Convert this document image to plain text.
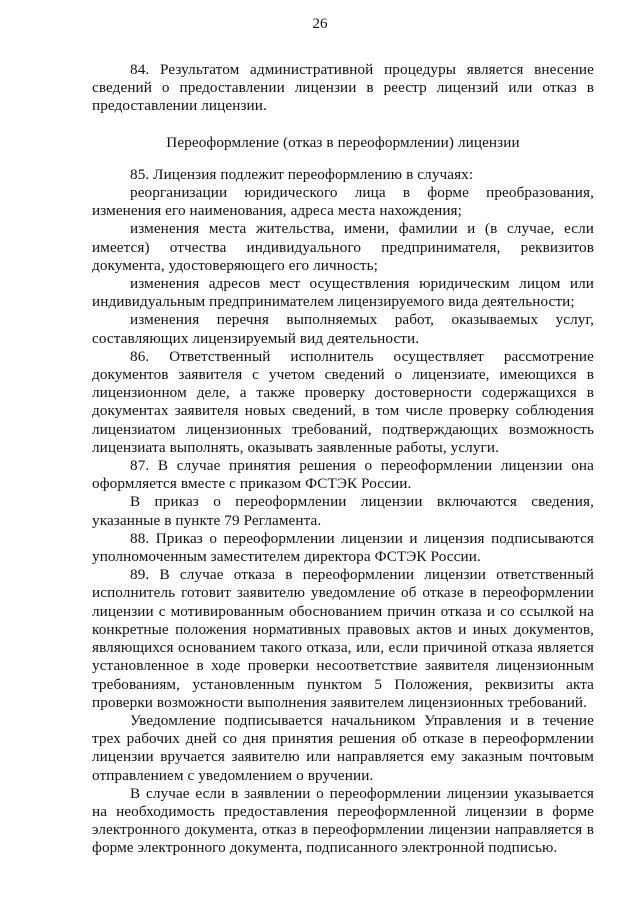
26

84. Результатом административной процедуры является внесение сведений о предоставлении лицензии в реестр лицензий или отказ в предоставлении лицензии.

Переоформление (отказ в переоформлении) лицензии

85. Лицензия подлежит переоформлению в случаях:

реорганизации юридического лица в форме преобразования, изменения его наименования, адреса места нахождения;

изменения места жительства, имени, фамилии и (в случае, если имеется) отчества индивидуального предпринимателя, реквизитов документа, удостоверяющего его личность;

изменения адресов мест осуществления юридическим лицом или индивидуальным предпринимателем лицензируемого вида деятельности;

изменения перечня выполняемых работ, оказываемых услуг, составляющих лицензируемый вид деятельности.

86. Ответственный исполнитель осуществляет рассмотрение документов заявителя с учетом сведений о лицензиате, имеющихся в лицензионном деле, а также проверку достоверности содержащихся в документах заявителя новых сведений, в том числе проверку соблюдения лицензиатом лицензионных требований, подтверждающих возможность лицензиата выполнять, оказывать заявленные работы, услуги.

87. В случае принятия решения о переоформлении лицензии она оформляется вместе с приказом ФСТЭК России.

В приказ о переоформлении лицензии включаются сведения, указанные в пункте 79 Регламента.

88. Приказ о переоформлении лицензии и лицензия подписываются уполномоченным заместителем директора ФСТЭК России.

89. В случае отказа в переоформлении лицензии ответственный исполнитель готовит заявителю уведомление об отказе в переоформлении лицензии с мотивированным обоснованием причин отказа и со ссылкой на конкретные положения нормативных правовых актов и иных документов, являющихся основанием такого отказа, или, если причиной отказа является установленное в ходе проверки несоответствие заявителя лицензионным требованиям, установленным пунктом 5 Положения, реквизиты акта проверки возможности выполнения заявителем лицензионных требований.

Уведомление подписывается начальником Управления и в течение трех рабочих дней со дня принятия решения об отказе в переоформлении лицензии вручается заявителю или направляется ему заказным почтовым отправлением с уведомлением о вручении.

В случае если в заявлении о переоформлении лицензии указывается на необходимость предоставления переоформленной лицензии в форме электронного документа, отказ в переоформлении лицензии направляется в форме электронного документа, подписанного электронной подписью.
